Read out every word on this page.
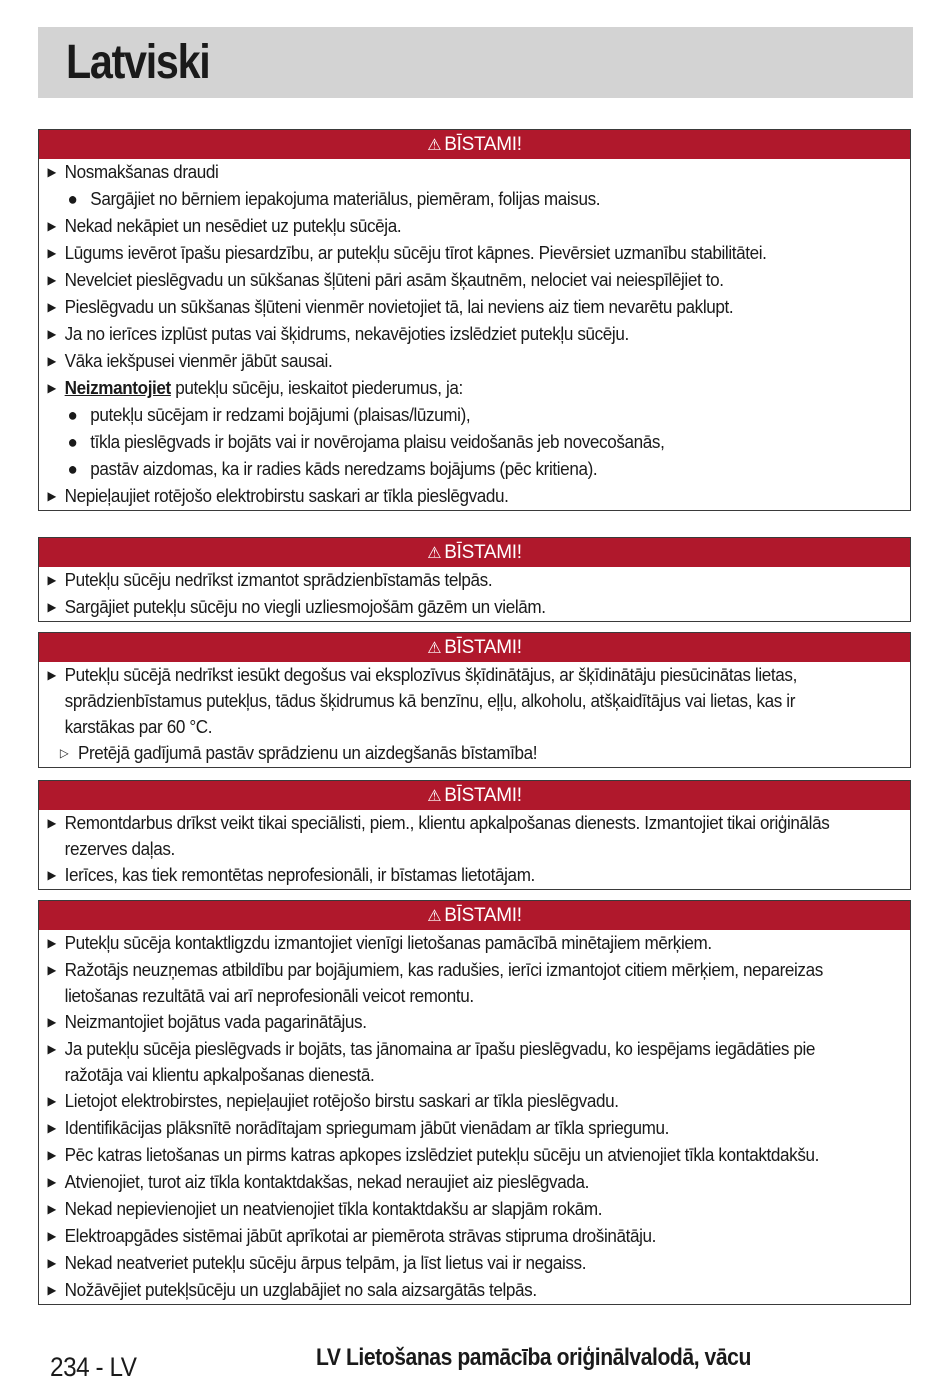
Latviski
⚠ BĪSTAMI!
▶ Nosmakšanas draudi
● Sargājiet no bērniem iepakojuma materiālus, piemēram, folijas maisus.
▶ Nekad nekāpiet un nesēdiet uz putekļu sūcēja.
▶ Lūgums ievērot īpašu piesardzību, ar putekļu sūcēju tīrot kāpnes. Pievērsiet uzmanību stabilitātei.
▶ Nevelciet pieslēgvadu un sūkšanas šļūteni pāri asām šķautnēm, nelociet vai neiespīlējiet to.
▶ Pieslēgvadu un sūkšanas šļūteni vienmēr novietojiet tā, lai neviens aiz tiem nevarētu paklupt.
▶ Ja no ierīces izplūst putas vai šķidrums, nekavējoties izslēdziet putekļu sūcēju.
▶ Vāka iekšpusei vienmēr jābūt sausai.
▶ Neizmantojiet putekļu sūcēju, ieskaitot piederumus, ja:
● putekļu sūcējam ir redzami bojājumi (plaisas/lūzumi),
● tīkla pieslēgvads ir bojāts vai ir novērojama plaisu veidošanās jeb novecošanās,
● pastāv aizdomas, ka ir radies kāds neredzams bojājums (pēc kritiena).
▶ Nepieļaujiet rotējošo elektrobirstu saskari ar tīkla pieslēgvadu.
⚠ BĪSTAMI!
▶ Putekļu sūcēju nedrīkst izmantot sprādzienbīstamās telpās.
▶ Sargājiet putekļu sūcēju no viegli uzliesmojošām gāzēm un vielām.
⚠ BĪSTAMI!
▶ Putekļu sūcējā nedrīkst iesūkt degošus vai eksplozīvus šķīdinātājus, ar šķīdinātāju piesūcinātas lietas, sprādzienbīstamus putekļus, tādus šķidrumus kā benzīnu, eļļu, alkoholu, atšķaidītājus vai lietas, kas ir karstākas par 60 °C.
▷ Pretējā gadījumā pastāv sprādzienu un aizdegšanās bīstamība!
⚠ BĪSTAMI!
▶ Remontdarbus drīkst veikt tikai speciālisti, piem., klientu apkalpošanas dienests. Izmantojiet tikai oriģinālās rezerves daļas.
▶ Ierīces, kas tiek remontētas neprofesionāli, ir bīstamas lietotājam.
⚠ BĪSTAMI!
▶ Putekļu sūcēja kontaktligzdu izmantojiet vienīgi lietošanas pamācībā minētajiem mērķiem.
▶ Ražotājs neuzņemas atbildību par bojājumiem, kas radušies, ierīci izmantojot citiem mērķiem, nepareizas lietošanas rezultātā vai arī neprofesionāli veicot remontu.
▶ Neizmantojiet bojātus vada pagarinātājus.
▶ Ja putekļu sūcēja pieslēgvads ir bojāts, tas jānomaina ar īpašu pieslēgvadu, ko iespējams iegādāties pie ražotāja vai klientu apkalpošanas dienestā.
▶ Lietojot elektrobirstes, nepieļaujiet rotējošo birstu saskari ar tīkla pieslēgvadu.
▶ Identifikācijas plāksnītē norādītajam spriegumam jābūt vienādam ar tīkla spriegumu.
▶ Pēc katras lietošanas un pirms katras apkopes izslēdziet putekļu sūcēju un atvienojiet tīkla kontaktdakšu.
▶ Atvienojiet, turot aiz tīkla kontaktdakšas, nekad neraujiet aiz pieslēgvada.
▶ Nekad nepievienojiet un neatvienojiet tīkla kontaktdakšu ar slapjām rokām.
▶ Elektroapgādes sistēmai jābūt aprīkotai ar piemērota strāvas stipruma drošinātāju.
▶ Nekad neatveriet putekļu sūcēju ārpus telpām, ja līst lietus vai ir negaiss.
▶ Nožāvējiet putekļsūcēju un uzglabājiet no sala aizsargātās telpās.
234 - LV	LV Lietošanas pamācība oriģinālvalodā, vācu
